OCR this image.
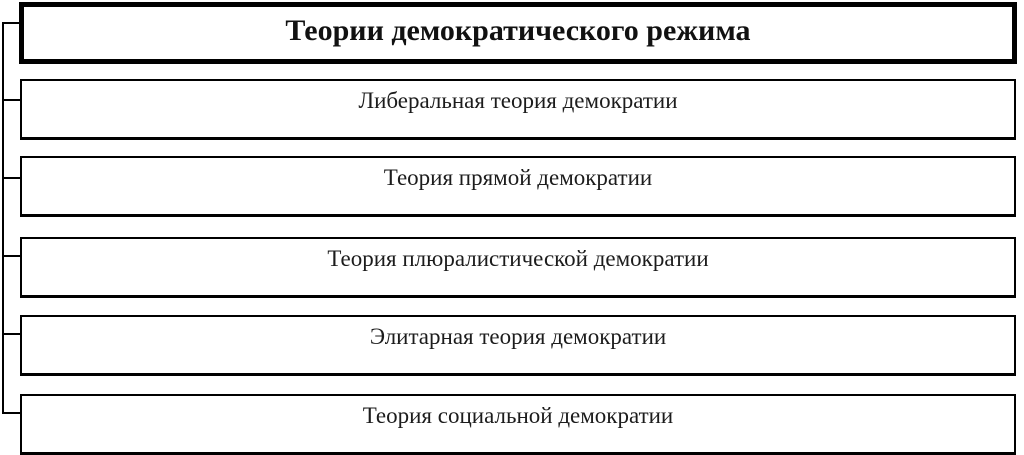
Теории демократического режима
Либеральная теория демократии
Теория прямой демократии
Теория плюралистической демократии
Элитарная теория демократии
Теория социальной демократии
